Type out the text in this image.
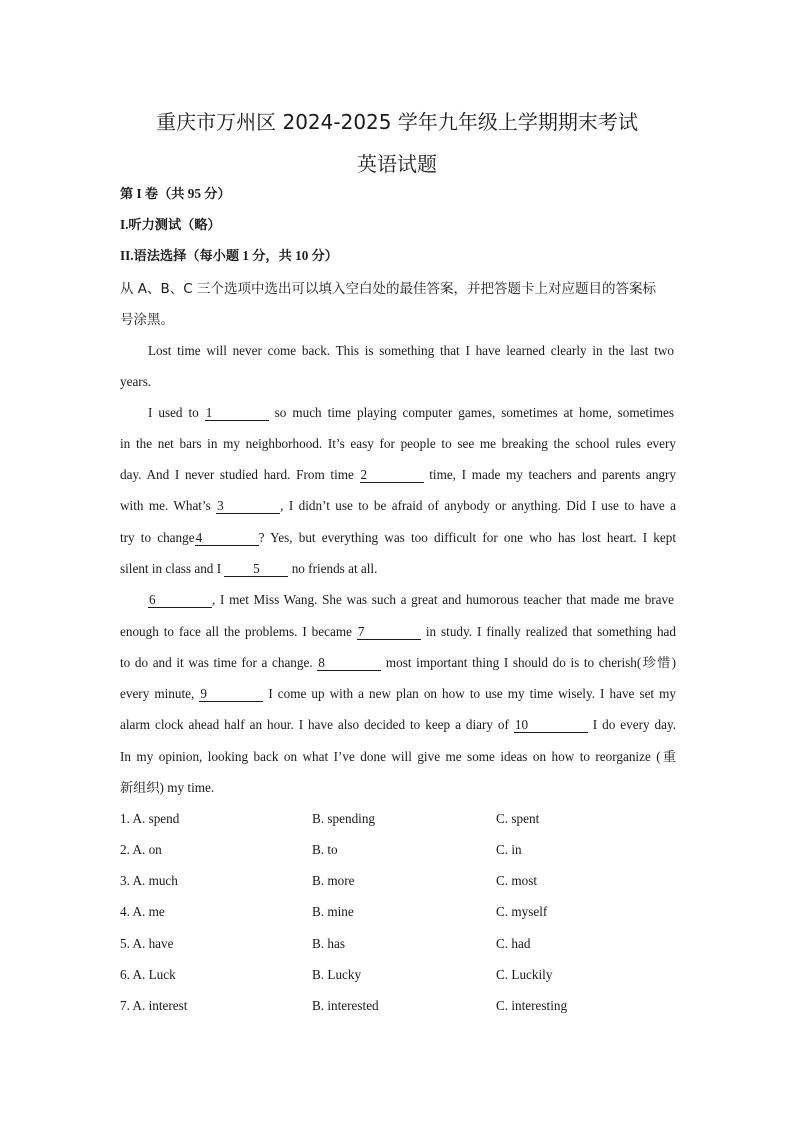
重庆市万州区 2024-2025 学年九年级上学期期末考试
英语试题
第 I 卷（共 95 分）
I.听力测试（略）
II.语法选择（每小题 1 分，共 10 分）
从 A、B、C 三个选项中选出可以填入空白处的最佳答案，并把答题卡上对应题目的答案标
号涂黑。
Lost time will never come back. This is something that I have learned clearly in the last two
years.
I used to 1	so much time playing computer games, sometimes at home, sometimes
in the net bars in my neighborhood. It’s easy for people to see me breaking the school rules every
day. And I never studied hard. From time 2	time, I made my teachers and parents angry
with me. What’s 3	, I didn’t use to be afraid of anybody or anything. Did I use to have a
try to change4	? Yes, but everything was too difficult for one who has lost heart. I kept
silent in class and I 5 no friends at all.
6	, I met Miss Wang. She was such a great and humorous teacher that made me brave
enough to face all the problems. I became 7	in study. I finally realized that something had
to do and it was time for a change. 8	most important thing I should do is to cherish(珍惜)
every minute, 9	I come up with a new plan on how to use my time wisely. I have set my
alarm clock ahead half an hour. I have also decided to keep a diary of 10	I do every day.
In my opinion, looking back on what I’ve done will give me some ideas on how to reorganize (重
新组织) my time.
1. A. spend	B. spending	C. spent
2. A. on	B. to	C. in
3. A. much	B. more	C. most
4. A. me	B. mine	C. myself
5. A. have	B. has	C. had
6. A. Luck	B. Lucky	C. Luckily
7. A. interest	B. interested	C. interesting
